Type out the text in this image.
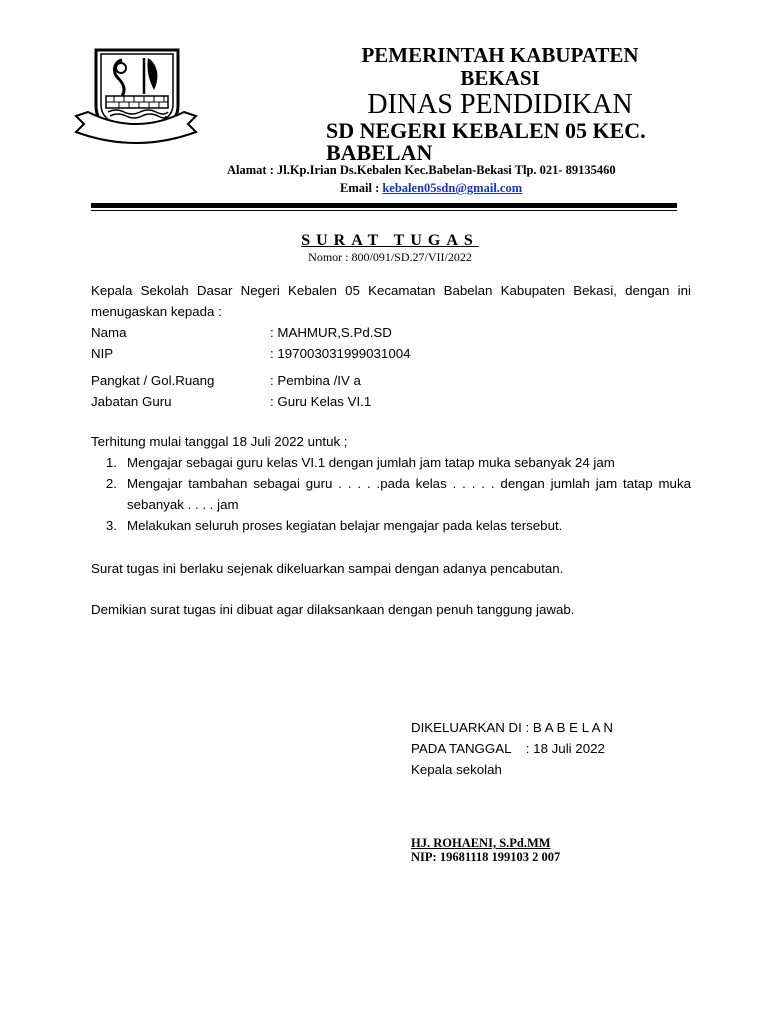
PEMERINTAH KABUPATEN
BEKASI
DINAS PENDIDIKAN
SD NEGERI KEBALEN 05 KEC.
BABELAN
Alamat : Jl.Kp.Irian Ds.Kebalen Kec.Babelan-Bekasi Tlp. 021- 89135460
Email : kebalen05sdn@gmail.com
SURAT TUGAS
Nomor : 800/091/SD.27/VII/2022
Kepala Sekolah Dasar Negeri Kebalen 05 Kecamatan Babelan Kabupaten Bekasi, dengan ini menugaskan kepada :
Nama	: MAHMUR,S.Pd.SD
NIP	: 197003031999031004
Pangkat / Gol.Ruang	: Pembina /IV a
Jabatan Guru	: Guru Kelas VI.1
Terhitung mulai tanggal 18 Juli 2022 untuk ;
1. Mengajar sebagai guru kelas VI.1 dengan jumlah jam tatap muka sebanyak 24 jam
2. Mengajar tambahan sebagai guru . . . . .pada kelas . . . . . dengan jumlah jam tatap muka sebanyak . . . . jam
3. Melakukan seluruh proses kegiatan belajar mengajar pada kelas tersebut.
Surat tugas ini berlaku sejenak dikeluarkan sampai dengan adanya pencabutan.
Demikian surat tugas ini dibuat agar dilaksankaan dengan penuh tanggung jawab.
DIKELUARKAN DI : B A B E L A N
PADA TANGGAL    : 18 Juli 2022
Kepala sekolah
HJ. ROHAENI, S.Pd.MM
NIP: 19681118 199103 2 007
